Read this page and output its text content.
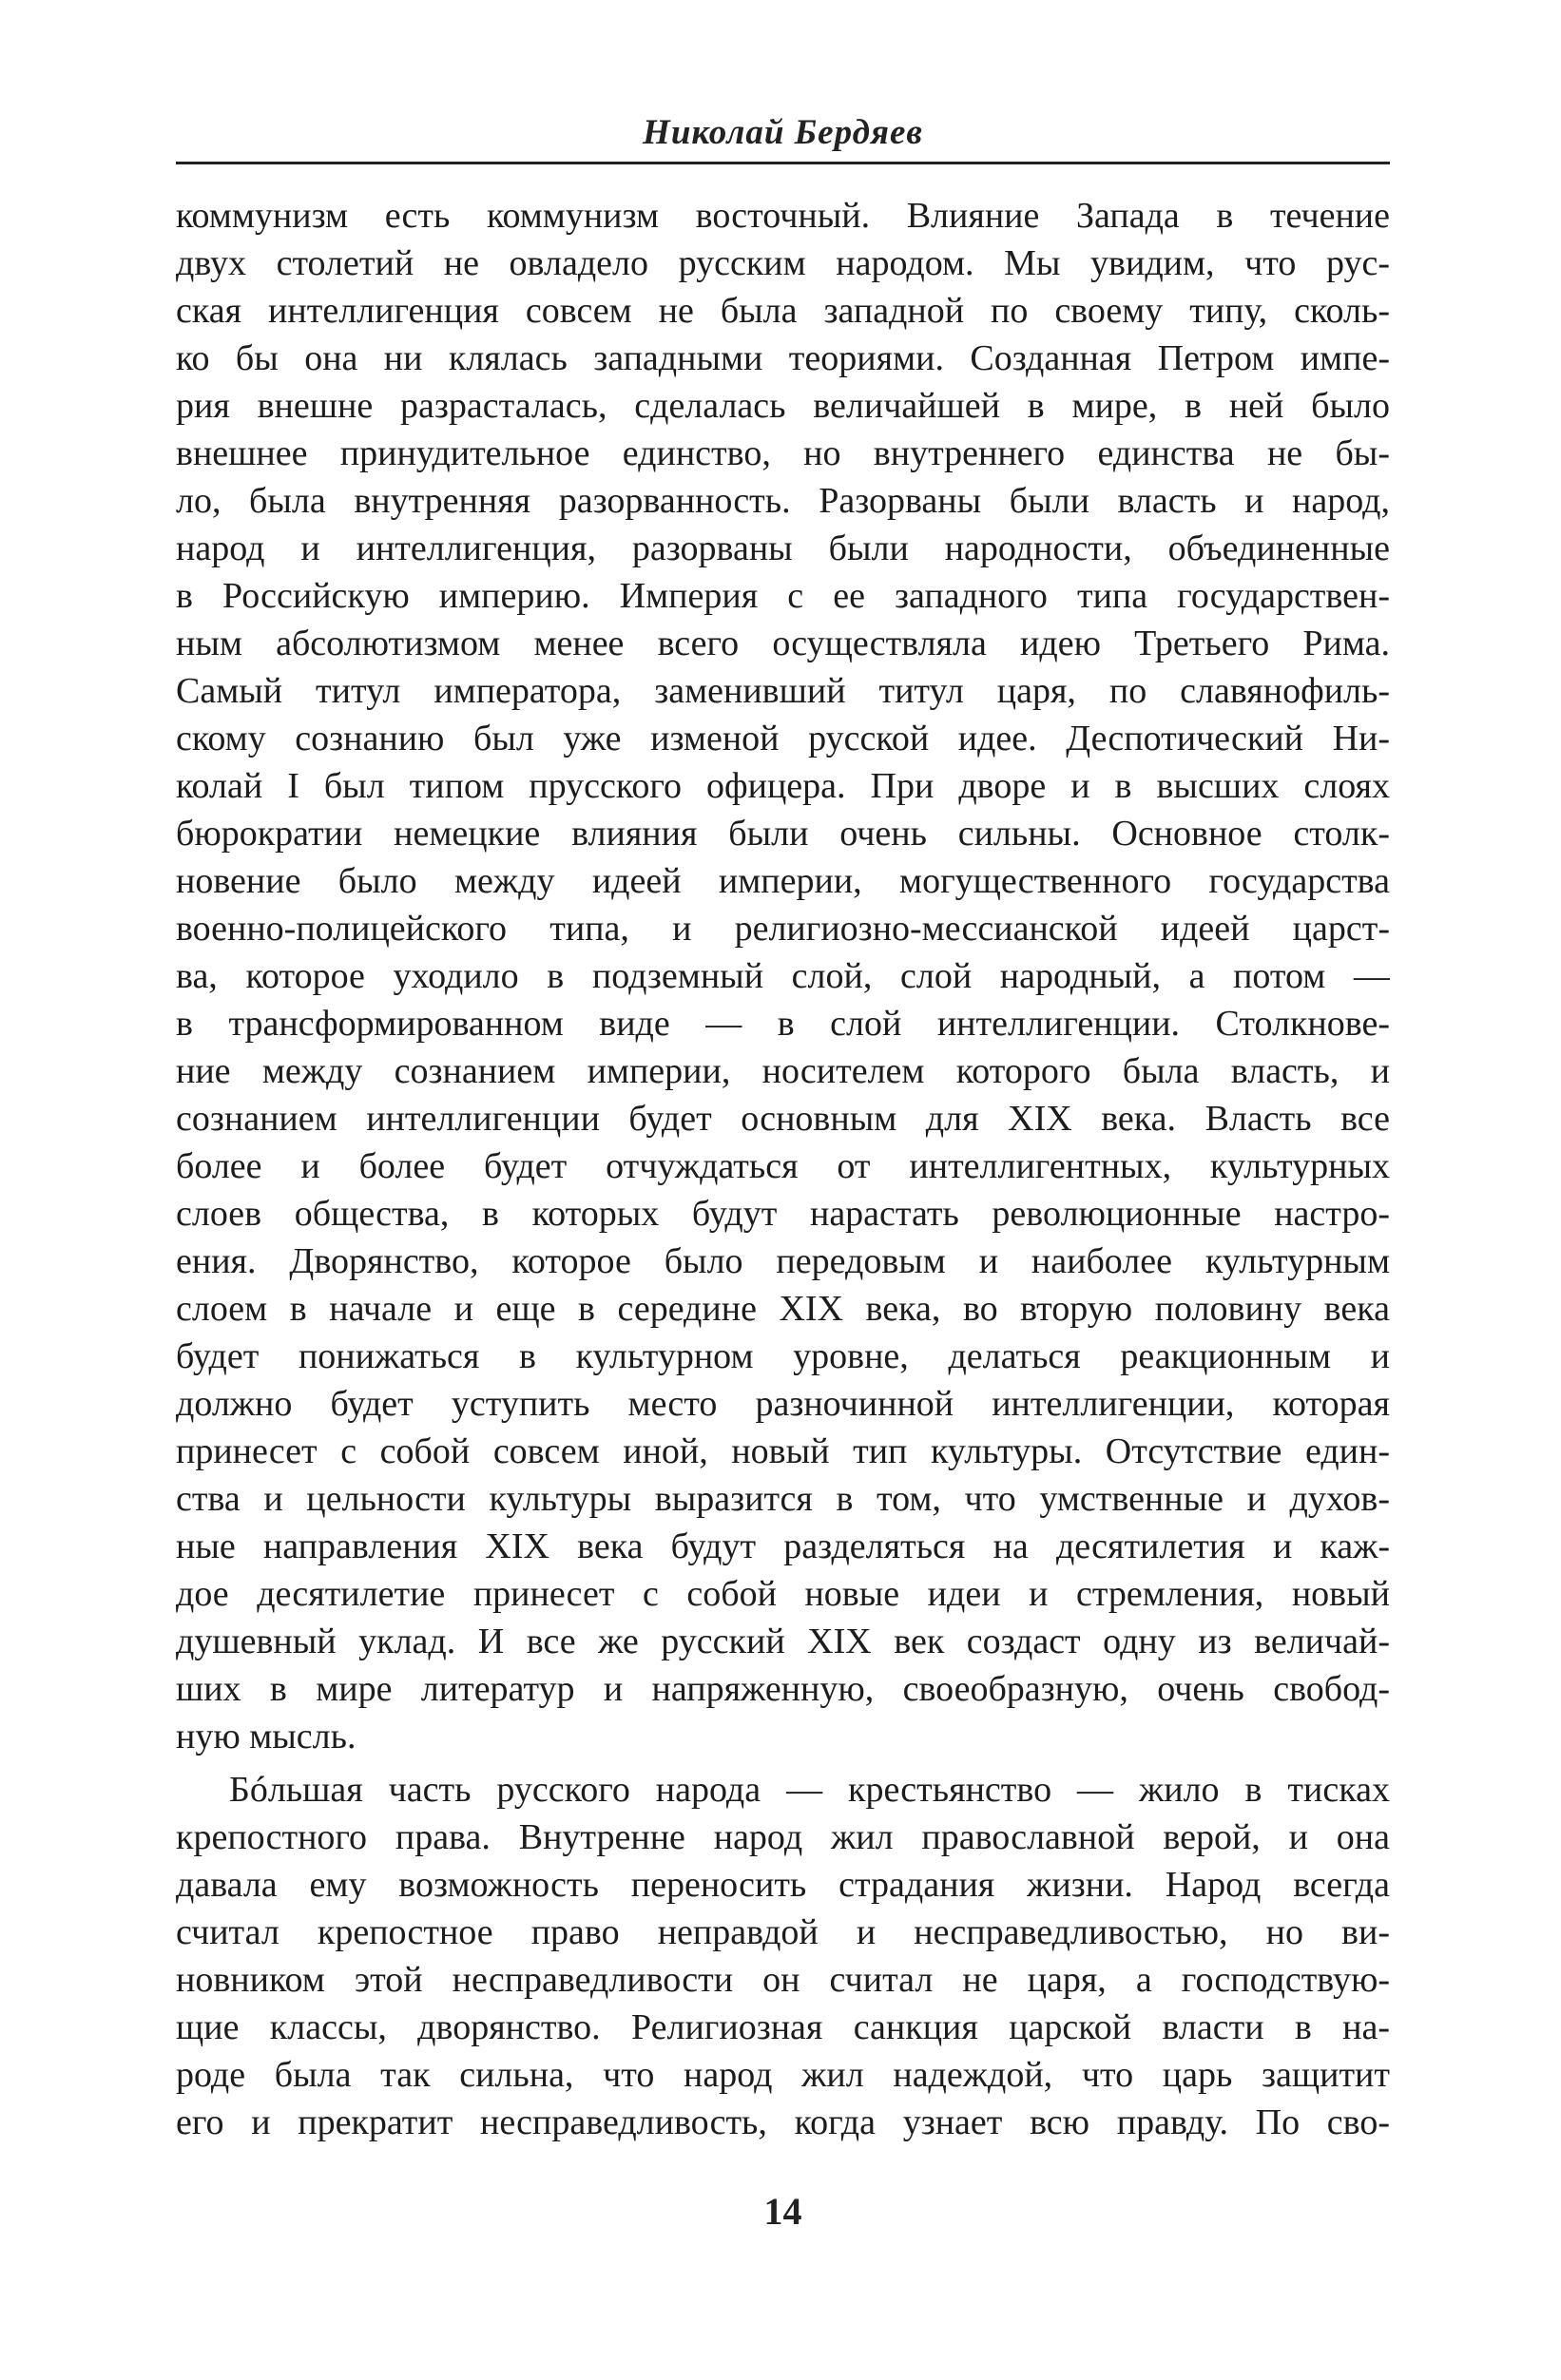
Николай Бердяев
коммунизм есть коммунизм восточный. Влияние Запада в течение
двух столетий не овладело русским народом. Мы увидим, что рус-
ская интеллигенция совсем не была западной по своему типу, сколь-
ко бы она ни клялась западными теориями. Созданная Петром импе-
рия внешне разрасталась, сделалась величайшей в мире, в ней было
внешнее принудительное единство, но внутреннего единства не бы-
ло, была внутренняя разорванность. Разорваны были власть и народ,
народ и интеллигенция, разорваны были народности, объединенные
в Российскую империю. Империя с ее западного типа государствен-
ным абсолютизмом менее всего осуществляла идею Третьего Рима.
Самый титул императора, заменивший титул царя, по славянофиль-
скому сознанию был уже изменой русской идее. Деспотический Ни-
колай I был типом прусского офицера. При дворе и в высших слоях
бюрократии немецкие влияния были очень сильны. Основное столк-
новение было между идеей империи, могущественного государства
военно-полицейского типа, и религиозно-мессианской идеей царст-
ва, которое уходило в подземный слой, слой народный, а потом —
в трансформированном виде — в слой интеллигенции. Столкнове-
ние между сознанием империи, носителем которого была власть, и
сознанием интеллигенции будет основным для XIX века. Власть все
более и более будет отчуждаться от интеллигентных, культурных
слоев общества, в которых будут нарастать революционные настро-
ения. Дворянство, которое было передовым и наиболее культурным
слоем в начале и еще в середине XIX века, во вторую половину века
будет понижаться в культурном уровне, делаться реакционным и
должно будет уступить место разночинной интеллигенции, которая
принесет с собой совсем иной, новый тип культуры. Отсутствие един-
ства и цельности культуры выразится в том, что умственные и духов-
ные направления XIX века будут разделяться на десятилетия и каж-
дое десятилетие принесет с собой новые идеи и стремления, новый
душевный уклад. И все же русский XIX век создаст одну из величай-
ших в мире литератур и напряженную, своеобразную, очень свобод-
ную мысль.
Бóльшая часть русского народа — крестьянство — жило в тисках
крепостного права. Внутренне народ жил православной верой, и она
давала ему возможность переносить страдания жизни. Народ всегда
считал крепостное право неправдой и несправедливостью, но ви-
новником этой несправедливости он считал не царя, а господствую-
щие классы, дворянство. Религиозная санкция царской власти в на-
роде была так сильна, что народ жил надеждой, что царь защитит
его и прекратит несправедливость, когда узнает всю правду. По сво-
14
